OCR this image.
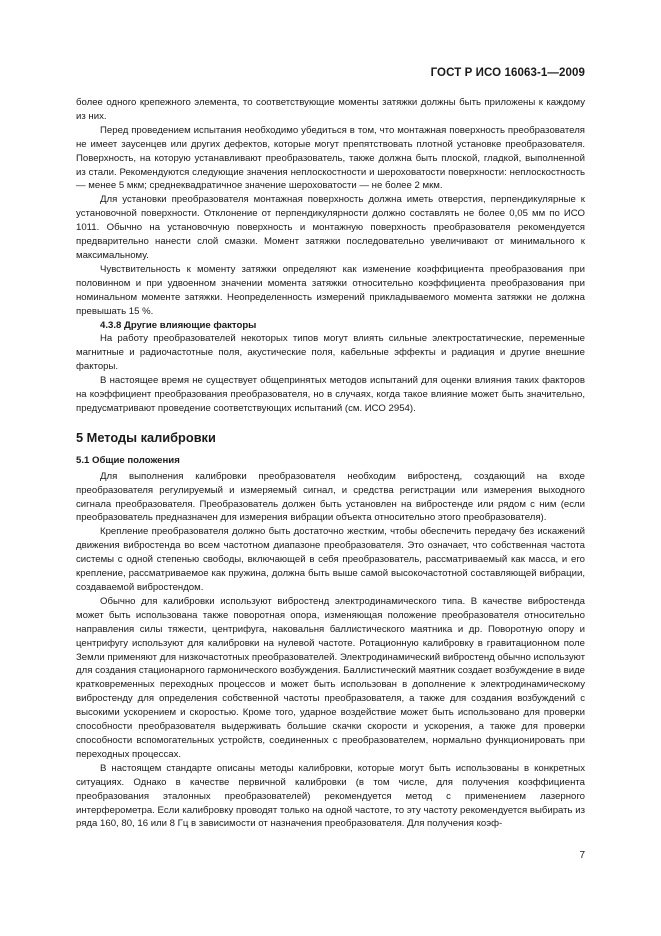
ГОСТ Р ИСО 16063-1—2009

более одного крепежного элемента, то соответствующие моменты затяжки должны быть приложены к каждому из них.

Перед проведением испытания необходимо убедиться в том, что монтажная поверхность преобразователя не имеет заусенцев или других дефектов, которые могут препятствовать плотной установке преобразователя. Поверхность, на которую устанавливают преобразователь, также должна быть плоской, гладкой, выполненной из стали. Рекомендуются следующие значения неплоскостности и шероховатости поверхности: неплоскостность — менее 5 мкм; среднеквадратичное значение шероховатости — не более 2 мкм.

Для установки преобразователя монтажная поверхность должна иметь отверстия, перпендикулярные к установочной поверхности. Отклонение от перпендикулярности должно составлять не более 0,05 мм по ИСО 1011. Обычно на установочную поверхность и монтажную поверхность преобразователя рекомендуется предварительно нанести слой смазки. Момент затяжки последовательно увеличивают от минимального к максимальному.

Чувствительность к моменту затяжки определяют как изменение коэффициента преобразования при половинном и при удвоенном значении момента затяжки относительно коэффициента преобразования при номинальном моменте затяжки. Неопределенность измерений прикладываемого момента затяжки не должна превышать 15 %.

4.3.8 Другие влияющие факторы

На работу преобразователей некоторых типов могут влиять сильные электростатические, переменные магнитные и радиочастотные поля, акустические поля, кабельные эффекты и радиация и другие внешние факторы.

В настоящее время не существует общепринятых методов испытаний для оценки влияния таких факторов на коэффициент преобразования преобразователя, но в случаях, когда такое влияние может быть значительно, предусматривают проведение соответствующих испытаний (см. ИСО 2954).

5 Методы калибровки

5.1 Общие положения

Для выполнения калибровки преобразователя необходим вибростенд, создающий на входе преобразователя регулируемый и измеряемый сигнал, и средства регистрации или измерения выходного сигнала преобразователя. Преобразователь должен быть установлен на вибростенде или рядом с ним (если преобразователь предназначен для измерения вибрации объекта относительно этого преобразователя).

Крепление преобразователя должно быть достаточно жестким, чтобы обеспечить передачу без искажений движения вибростенда во всем частотном диапазоне преобразователя. Это означает, что собственная частота системы с одной степенью свободы, включающей в себя преобразователь, рассматриваемый как масса, и его крепление, рассматриваемое как пружина, должна быть выше самой высокочастотной составляющей вибрации, создаваемой вибростендом.

Обычно для калибровки используют вибростенд электродинамического типа. В качестве вибростенда может быть использована также поворотная опора, изменяющая положение преобразователя относительно направления силы тяжести, центрифуга, наковальня баллистического маятника и др. Поворотную опору и центрифугу используют для калибровки на нулевой частоте. Ротационную калибровку в гравитационном поле Земли применяют для низкочастотных преобразователей. Электродинамический вибростенд обычно используют для создания стационарного гармонического возбуждения. Баллистический маятник создает возбуждение в виде кратковременных переходных процессов и может быть использован в дополнение к электродинамическому вибростенду для определения собственной частоты преобразователя, а также для создания возбуждений с высокими ускорением и скоростью. Кроме того, ударное воздействие может быть использовано для проверки способности преобразователя выдерживать большие скачки скорости и ускорения, а также для проверки способности вспомогательных устройств, соединенных с преобразователем, нормально функционировать при переходных процессах.

В настоящем стандарте описаны методы калибровки, которые могут быть использованы в конкретных ситуациях. Однако в качестве первичной калибровки (в том числе, для получения коэффициента преобразования эталонных преобразователей) рекомендуется метод с применением лазерного интерферометра. Если калибровку проводят только на одной частоте, то эту частоту рекомендуется выбирать из ряда 160, 80, 16 или 8 Гц в зависимости от назначения преобразователя. Для получения коэф-

7
